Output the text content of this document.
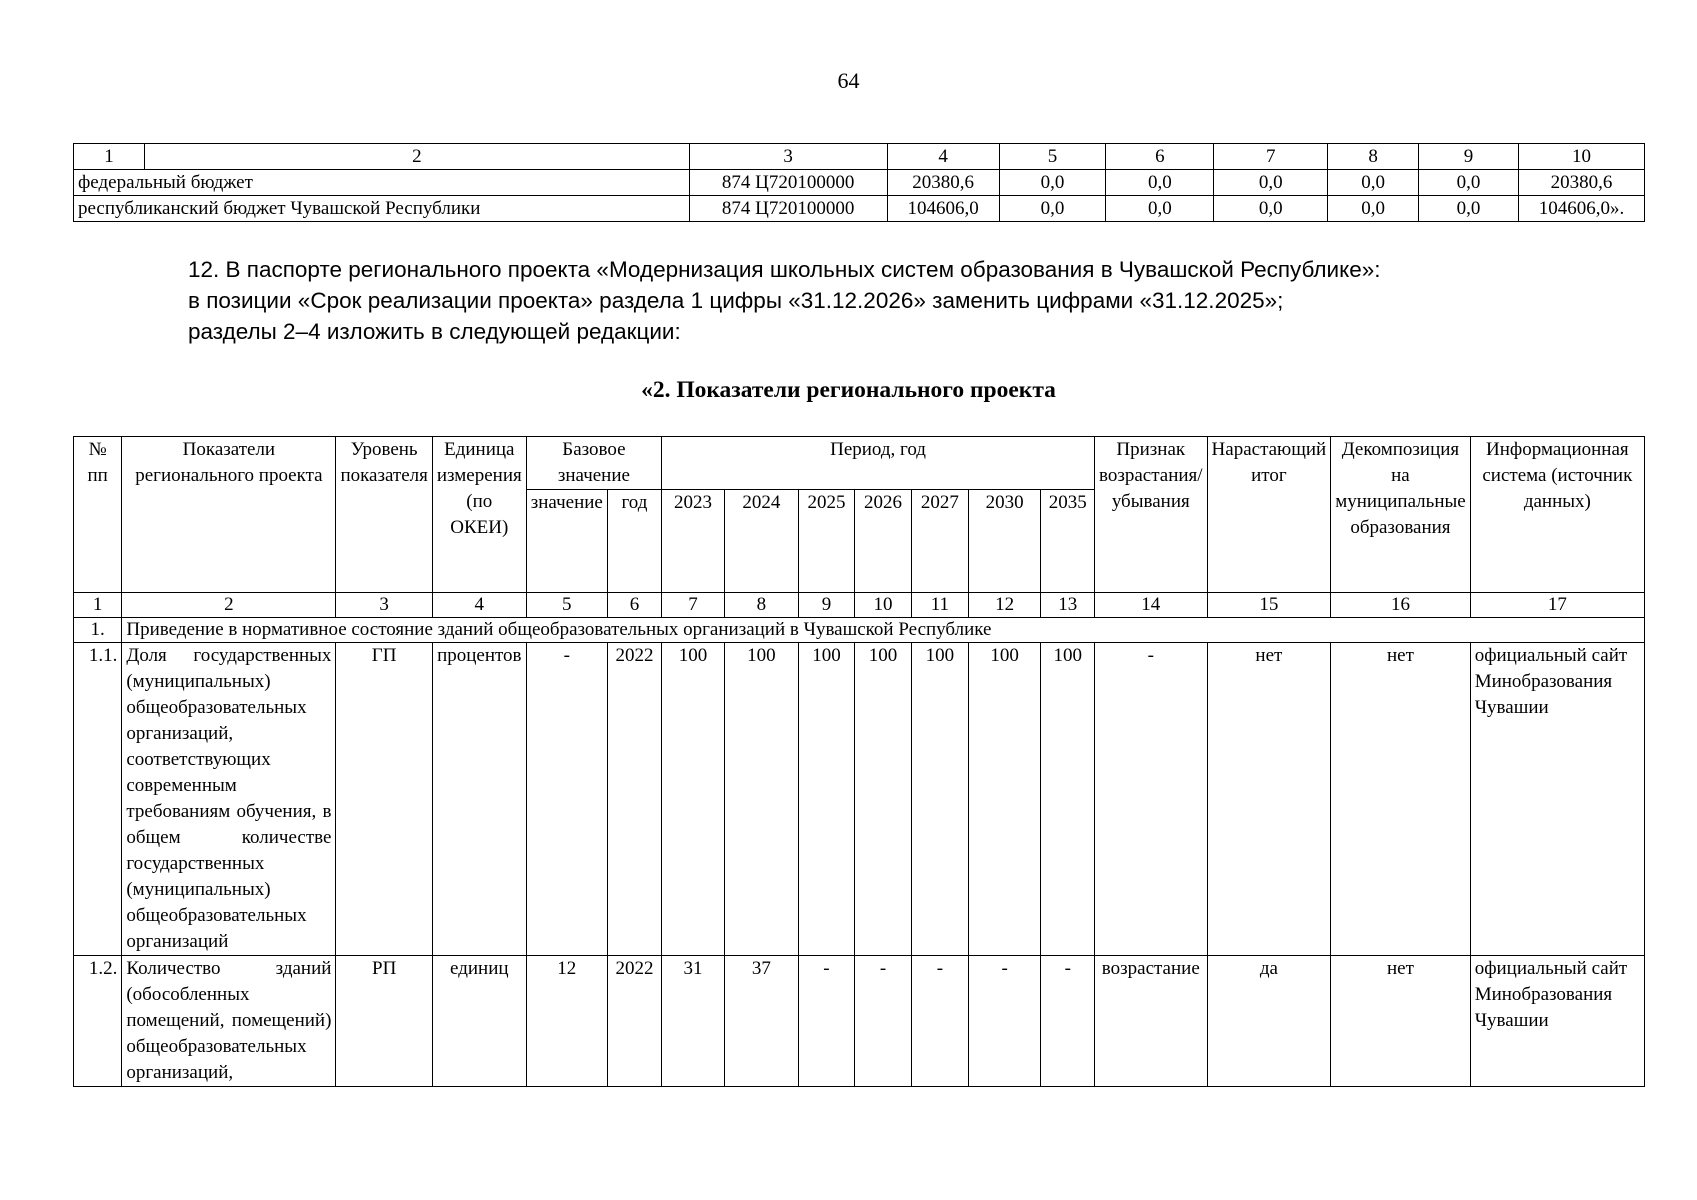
64
1	2	3	4	5	6	7	8	9	10
федеральный бюджет		874 Ц720100000	20380,6	0,0	0,0	0,0	0,0	0,0	20380,6
республиканский бюджет Чувашской Республики		874 Ц720100000	104606,0	0,0	0,0	0,0	0,0	0,0	104606,0».
12. В паспорте регионального проекта «Модернизация школьных систем образования в Чувашской Республике»:
в позиции «Срок реализации проекта» раздела 1 цифры «31.12.2026» заменить цифрами «31.12.2025»;
разделы 2–4 изложить в следующей редакции:
«2. Показатели регионального проекта
№ пп	Показатели регионального проекта	Уровень показателя	Единица измерения (по ОКЕИ)	Базовое значение		Период, год							Признак возрастания/ убывания	Нарастающий итог	Декомпозиция на муниципальные образования	Информационная система (источник данных)
				значение	год	2023	2024	2025	2026	2027	2030	2035				
1	2	3	4	5	6	7	8	9	10	11	12	13	14	15	16	17
1.	Приведение в нормативное состояние зданий общеобразовательных организаций в Чувашской Республике															
1.1.	Доля государственных (муниципальных) общеобразовательных организаций, соответствующих современным требованиям обучения, в общем количестве государственных (муниципальных) общеобразовательных организаций	ГП	процентов	-	2022	100	100	100	100	100	100	100	-	нет	нет	официальный сайт Минобразования Чувашии
1.2.	Количество зданий (обособленных помещений, помещений) общеобразовательных организаций,	РП	единиц	12	2022	31	37	-	-	-	-	-	возрастание	да	нет	официальный сайт Минобразования Чувашии
